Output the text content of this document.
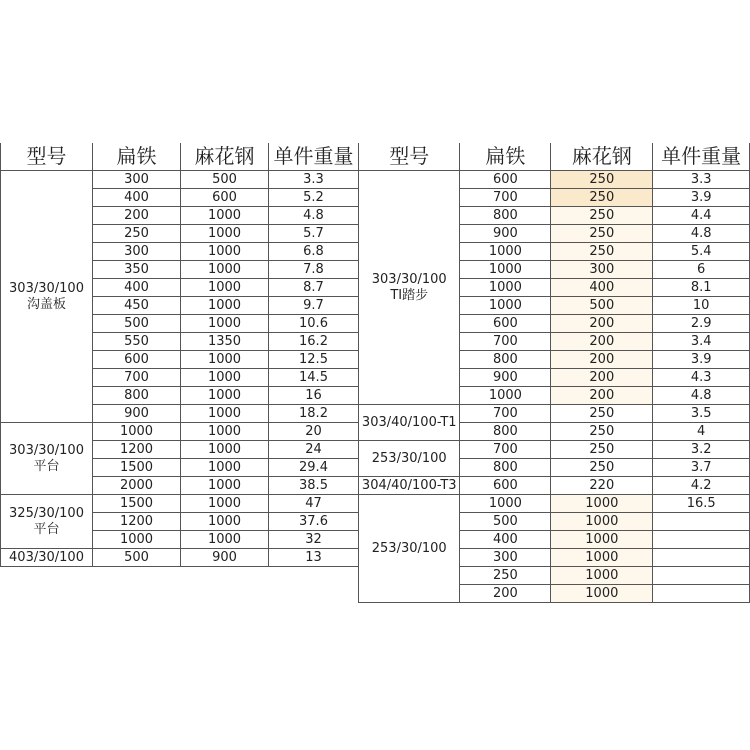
型号	扁铁	麻花钢	单件重量
303/30/100
沟盖板	300	500	3.3
	400	600	5.2
	200	1000	4.8
	250	1000	5.7
	300	1000	6.8
	350	1000	7.8
	400	1000	8.7
	450	1000	9.7
	500	1000	10.6
	550	1350	16.2
	600	1000	12.5
	700	1000	14.5
	800	1000	16
	900	1000	18.2
303/30/100
平台	1000	1000	20
	1200	1000	24
	1500	1000	29.4
	2000	1000	38.5
325/30/100
平台	1500	1000	47
	1200	1000	37.6
	1000	1000	32
403/30/100	500	900	13
型号	扁铁	麻花钢	单件重量
303/30/100
TI踏步	600	250	3.3
	700	250	3.9
	800	250	4.4
	900	250	4.8
	1000	250	5.4
	1000	300	6
	1000	400	8.1
	1000	500	10
	600	200	2.9
	700	200	3.4
	800	200	3.9
	900	200	4.3
	1000	200	4.8
303/40/100-T1	700	250	3.5
	800	250	4
253/30/100	700	250	3.2
	800	250	3.7
304/40/100-T3	600	220	4.2
253/30/100	1000	1000	16.5
	500	1000	
	400	1000	
	300	1000	
	250	1000	
	200	1000	
